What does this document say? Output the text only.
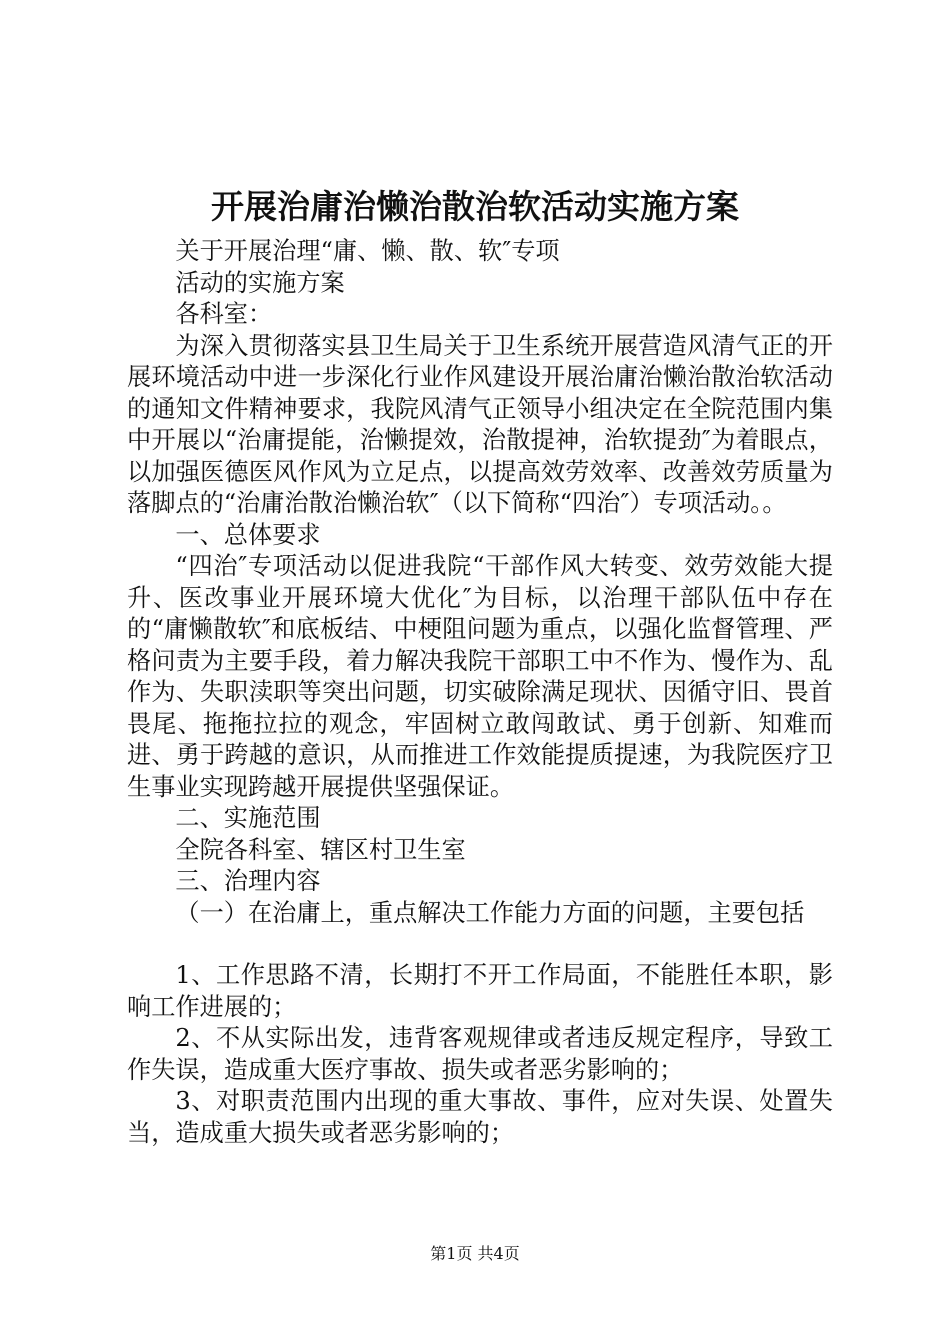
开展治庸治懒治散治软活动实施方案

关于开展治理“庸、懒、散、软″专项

活动的实施方案

各科室：

为深入贯彻落实县卫生局关于卫生系统开展营造风清气正的开展环境活动中进一步深化行业作风建设开展治庸治懒治散治软活动的通知文件精神要求，我院风清气正领导小组决定在全院范围内集中开展以“治庸提能，治懒提效，治散提神，治软提劲″为着眼点，以加强医德医风作风为立足点，以提高效劳效率、改善效劳质量为落脚点的“治庸治散治懒治软″（以下简称“四治″）专项活动。。

一、总体要求

“四治″专项活动以促进我院“干部作风大转变、效劳效能大提升、医改事业开展环境大优化″为目标，以治理干部队伍中存在的“庸懒散软″和底板结、中梗阻问题为重点，以强化监督管理、严格问责为主要手段，着力解决我院干部职工中不作为、慢作为、乱作为、失职渎职等突出问题，切实破除满足现状、因循守旧、畏首畏尾、拖拖拉拉的观念，牢固树立敢闯敢试、勇于创新、知难而进、勇于跨越的意识，从而推进工作效能提质提速，为我院医疗卫生事业实现跨越开展提供坚强保证。

二、实施范围

全院各科室、辖区村卫生室

三、治理内容

（一）在治庸上，重点解决工作能力方面的问题，主要包括

1、工作思路不清，长期打不开工作局面，不能胜任本职，影响工作进展的；

2、不从实际出发，违背客观规律或者违反规定程序，导致工作失误，造成重大医疗事故、损失或者恶劣影响的；

3、对职责范围内出现的重大事故、事件，应对失误、处置失当，造成重大损失或者恶劣影响的；

第1页 共4页
